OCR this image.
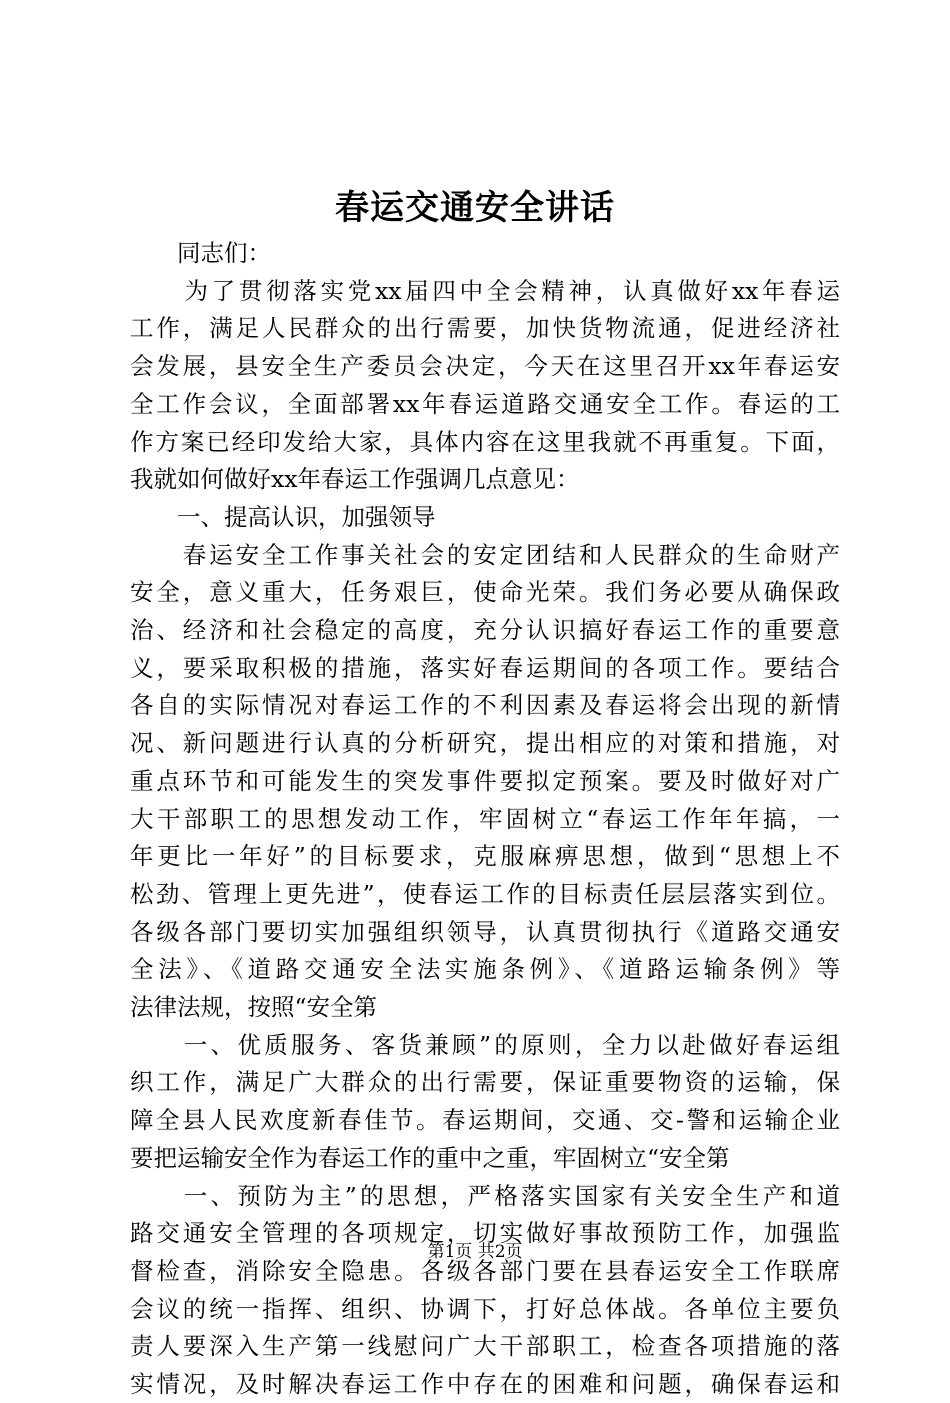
春运交通安全讲话
　　同志们：
　　为了贯彻落实党xx届四中全会精神，认真做好xx年春运
工作，满足人民群众的出行需要，加快货物流通，促进经济社
会发展，县安全生产委员会决定，今天在这里召开xx年春运安
全工作会议，全面部署xx年春运道路交通安全工作。春运的工
作方案已经印发给大家，具体内容在这里我就不再重复。下面，
我就如何做好xx年春运工作强调几点意见：
　　一、提高认识，加强领导
　　春运安全工作事关社会的安定团结和人民群众的生命财产
安全，意义重大，任务艰巨，使命光荣。我们务必要从确保政
治、经济和社会稳定的高度，充分认识搞好春运工作的重要意
义，要采取积极的措施，落实好春运期间的各项工作。要结合
各自的实际情况对春运工作的不利因素及春运将会出现的新情
况、新问题进行认真的分析研究，提出相应的对策和措施，对
重点环节和可能发生的突发事件要拟定预案。要及时做好对广
大干部职工的思想发动工作，牢固树立“春运工作年年搞，一
年更比一年好”的目标要求，克服麻痹思想，做到“思想上不
松劲、管理上更先进”，使春运工作的目标责任层层落实到位。
各级各部门要切实加强组织领导，认真贯彻执行《道路交通安
全法》、《道路交通安全法实施条例》、《道路运输条例》等
法律法规，按照“安全第
　　一、优质服务、客货兼顾”的原则，全力以赴做好春运组
织工作，满足广大群众的出行需要，保证重要物资的运输，保
障全县人民欢度新春佳节。春运期间，交通、交-警和运输企业
要把运输安全作为春运工作的重中之重，牢固树立“安全第
　　一、预防为主”的思想，严格落实国家有关安全生产和道
路交通安全管理的各项规定，切实做好事故预防工作，加强监
督检查，消除安全隐患。各级各部门要在县春运安全工作联席
会议的统一指挥、组织、协调下，打好总体战。各单位主要负
责人要深入生产第一线慰问广大干部职工，检查各项措施的落
实情况，及时解决春运工作中存在的困难和问题，确保春运和
第1页 共2页
